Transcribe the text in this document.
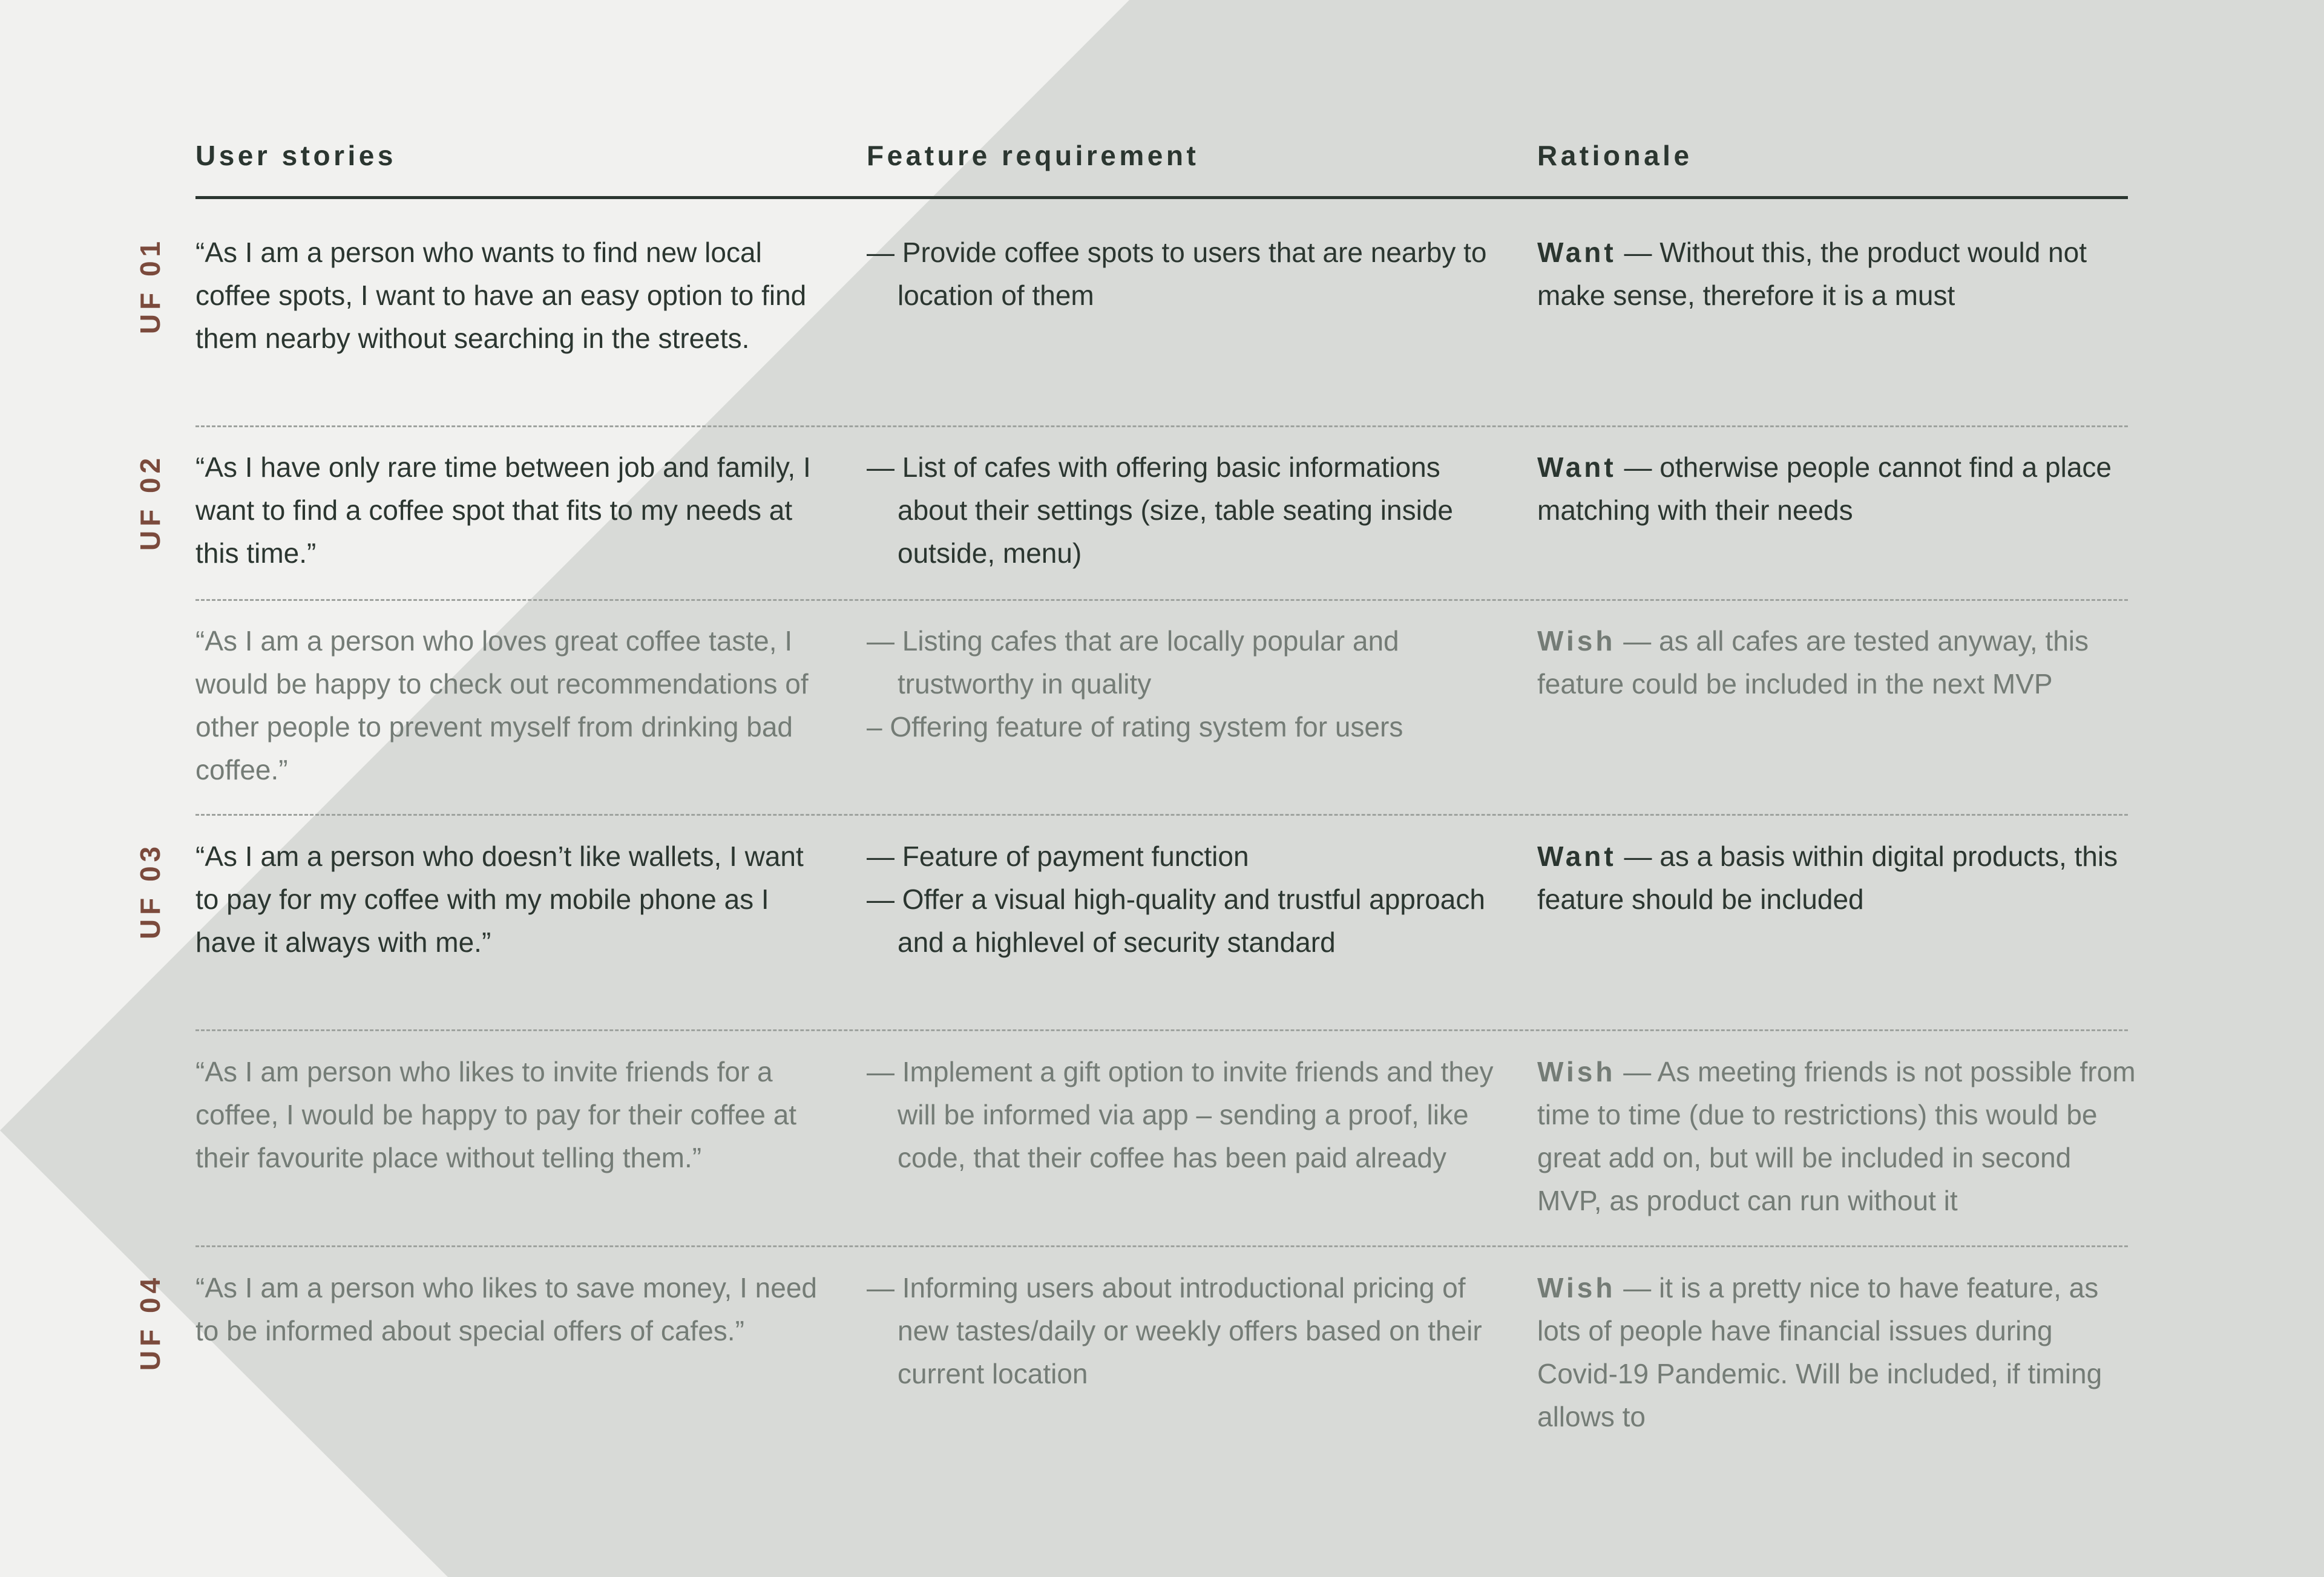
User stories	Feature requirement	Rationale

“As I am a person who wants to find new local coffee spots, I want to have an easy option to find them nearby without searching in the streets.

— Provide coffee spots to users that are nearby to location of them

Want — Without this, the product would not make sense, therefore it is a must

“As I have only rare time between job and family, I want to find a coffee spot that fits to my needs at this time.”

— List of cafes with offering basic informations about their settings (size, table seating inside outside, menu)

Want — otherwise people cannot find a place matching with their needs

“As I am a person who loves great coffee taste, I would be happy to check out recommendations of other people to prevent myself from drinking bad coffee.”

— Listing cafes that are locally popular and trustworthy in quality
– Offering feature of rating system for users

Wish — as all cafes are tested anyway, this feature could be included in the next MVP

“As I am a person who doesn’t like wallets, I want to pay for my coffee with my mobile phone as I have it always with me.”

— Feature of payment function
— Offer a visual high-quality and trustful approach and a highlevel of security standard

Want — as a basis within digital products, this feature should be included

“As I am person who likes to invite friends for a coffee, I would be happy to pay for their coffee at their favourite place without telling them.”

— Implement a gift option to invite friends and they will be informed via app – sending a proof, like code, that their coffee has been paid already

Wish — As meeting friends is not possible from time to time (due to restrictions) this would be great add on, but will be included in second MVP, as product can run without it

“As I am a person who likes to save money, I need to be informed about special offers of cafes.”

— Informing users about introductional pricing of new tastes/daily or weekly offers based on their current location

Wish — it is a pretty nice to have feature, as lots of people have financial issues during Covid-19 Pandemic. Will be included, if timing allows to

UF 01
UF 02
UF 03
UF 04
